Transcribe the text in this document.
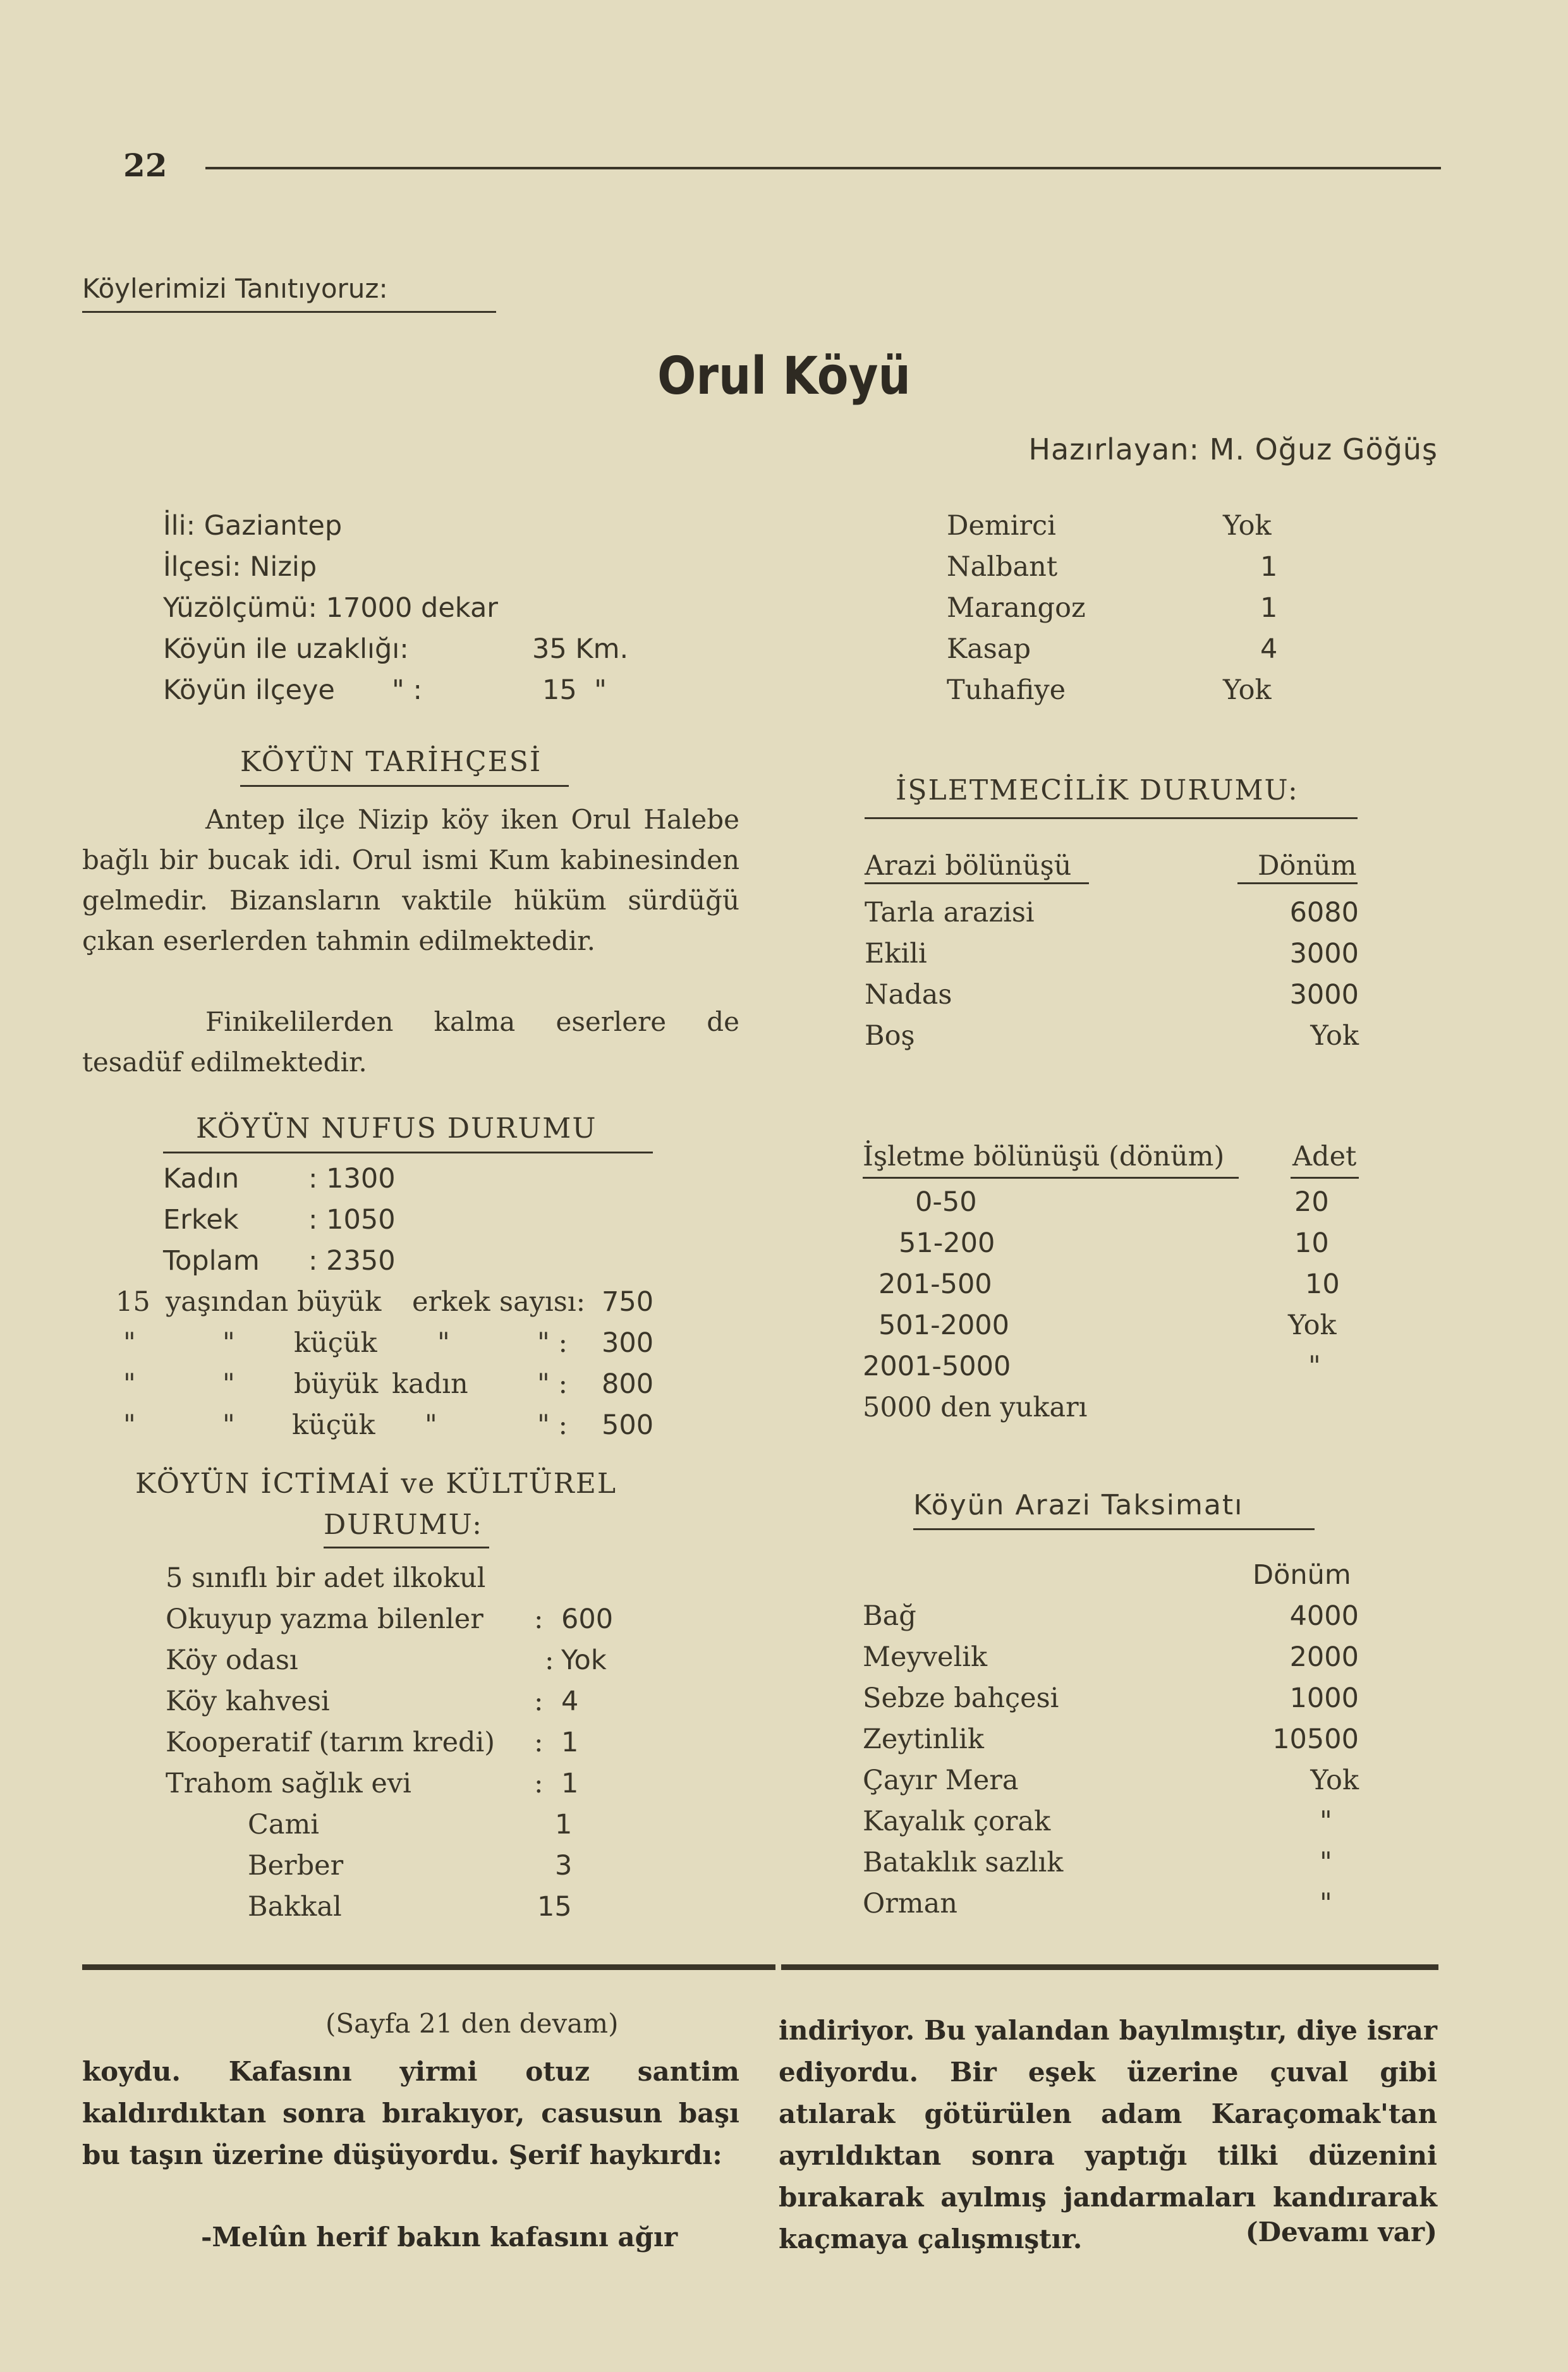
22
Köylerimizi Tanıtıyoruz:
Orul Köyü
Hazırlayan: M. Oğuz Göğüş
İli: Gaziantep
İlçesi: Nizip
Yüzölçümü: 17000 dekar
Köyün ile uzaklığı:	35 Km.
Köyün ilçeye " :	15 "
KÖYÜN TARİHÇESİ
Antep ilçe Nizip köy iken Orul Halebe bağlı bir bucak idi. Orul ismi Kum kabinesinden gelmedir. Bizansların vaktile hüküm sürdüğü çıkan eserlerden tahmin edilmektedir.
Finikelilerden kalma eserlere de tesadüf edilmektedir.
KÖYÜN NUFUS DURUMU
Kadın	: 1300
Erkek	: 1050
Toplam : 2350
15 yaşından büyük erkek sayısı: 750
"	" küçük "	" : 300
"	" büyük kadın	" : 800
"	" küçük "	" : 500
KÖYÜN İCTİMAİ ve KÜLTÜREL
DURUMU:
5 sınıflı bir adet ilkokul
Okuyup yazma bilenler : 600
Köy odası	: Yok
Köy kahvesi	: 4
Kooperatif (tarım kredi) : 1
Trahom sağlık evi	: 1
Cami	1
Berber	3
Bakkal	15
Demirci	Yok
Nalbant	1
Marangoz	1
Kasap	4
Tuhafiye	Yok
İŞLETMECİLİK DURUMU:
Arazi bölünüşü	Dönüm
Tarla arazisi	6080
Ekili	3000
Nadas	3000
Boş	Yok
İşletme bölünüşü (dönüm)	Adet
0-50	20
51-200	10
201-500	10
501-2000	Yok
2001-5000	"
5000 den yukarı
Köyün Arazi Taksimatı
Dönüm
Bağ	4000
Meyvelik	2000
Sebze bahçesi	1000
Zeytinlik	10500
Çayır Mera	Yok
Kayalık çorak	"
Bataklık sazlık	"
Orman	"
(Sayfa 21 den devam)
koydu. Kafasını yirmi otuz santim kaldırdıktan sonra bırakıyor, casusun başı bu taşın üzerine düşüyordu. Şerif haykırdı:
-Melûn herif bakın kafasını ağır
indiriyor. Bu yalandan bayılmıştır, diye israr ediyordu. Bir eşek üzerine çuval gibi atılarak götürülen adam Karaçomak'tan ayrıldıktan sonra yaptığı tilki düzenini bırakarak ayılmış jandarmaları kandırarak kaçmaya çalışmıştır.	(Devamı var)
